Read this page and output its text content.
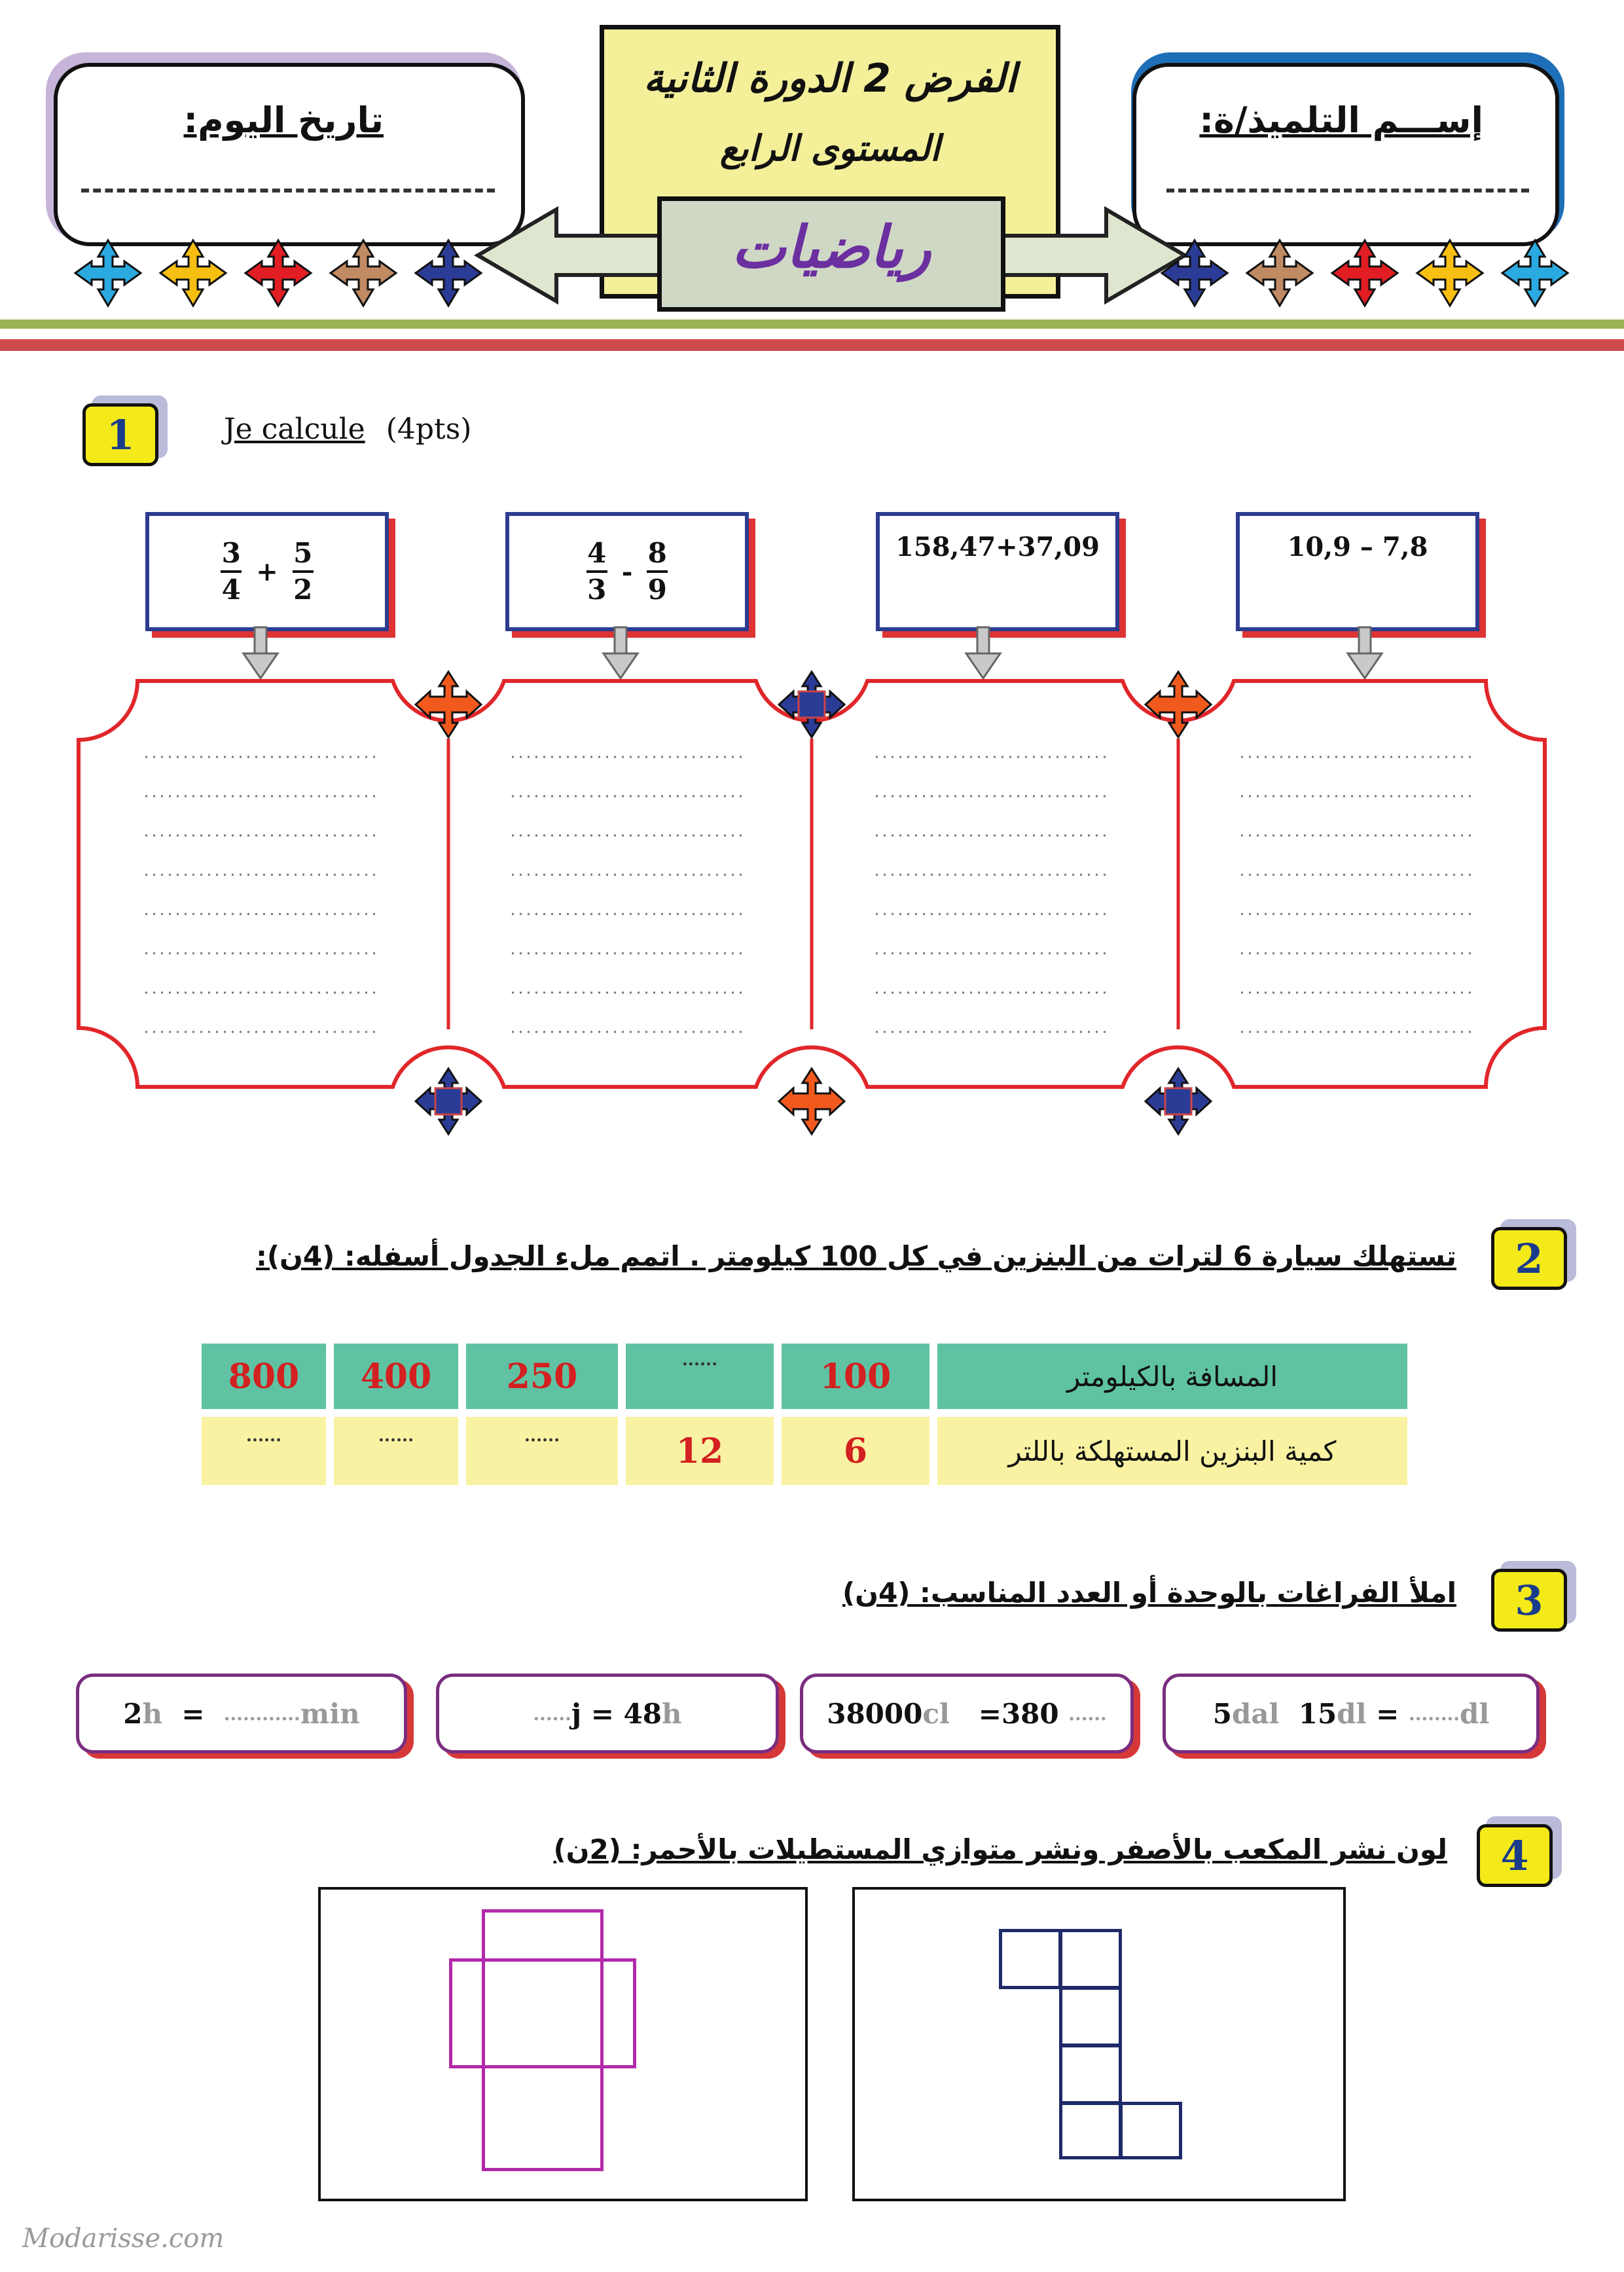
تاريخ اليوم:	إســـم التلميذ/ة:
الفرض 2 الدورة الثانية
المستوى الرابع
رياضيات
1	Je calcule (4pts)
$\frac{3}{4} + \frac{5}{2}$	$\frac{4}{3} - \frac{8}{9}$	158,47+37,09	10,9 – 7,8
2
تستهلك سيارة 6 لترات من البنزين في كل 100 كيلومتر . اتمم ملء الجدول أسفله: (4ن):
800	400	250	......	100	المسافة بالكيلومتر
......	......	......	12	6	كمية البنزين المستهلكة باللتر
3
املأ الفراغات بالوحدة أو العدد المناسب: (4ن)
2 h = ............ min	...... j = 48 h	38000 cl =380 ......	5 dal 15 dl = ........ dl
4
لون نشر المكعب بالأصفر ونشر متوازي المستطيلات بالأحمر: (2ن)
Modarisse.com
